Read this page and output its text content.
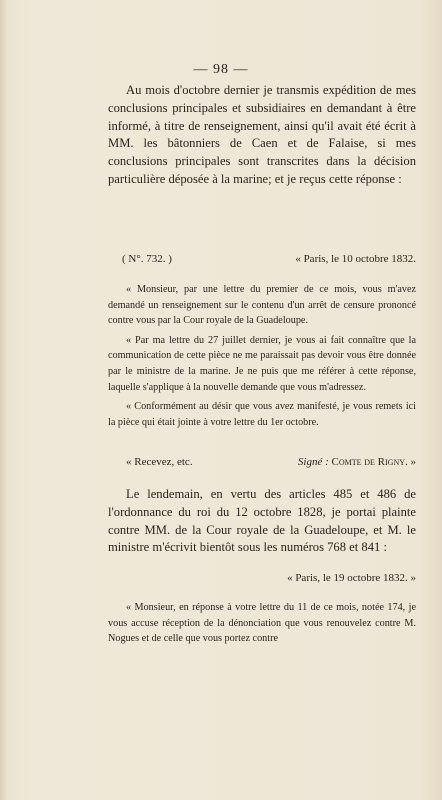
— 98 —

Au mois d'octobre dernier je transmis expédition de mes conclusions principales et subsidiaires en demandant à être informé, à titre de renseignement, ainsi qu'il avait été écrit à MM. les bâtonniers de Caen et de Falaise, si mes conclusions principales sont transcrites dans la décision particulière déposée à la marine; et je reçus cette réponse :

( N°. 732. )	« Paris, le 10 octobre 1832.

« Monsieur, par une lettre du premier de ce mois, vous m'avez demandé un renseignement sur le contenu d'un arrêt de censure prononcé contre vous par la Cour royale de la Guadeloupe.

« Par ma lettre du 27 juillet dernier, je vous ai fait connaître que la communication de cette pièce ne me paraissait pas devoir vous être donnée par le ministre de la marine. Je ne puis que me référer à cette réponse, laquelle s'applique à la nouvelle demande que vous m'adressez.

« Conformément au désir que vous avez manifesté, je vous remets ici la pièce qui était jointe à votre lettre du 1er octobre.

« Recevez, etc.	Signé : Comte de Rigny. »

Le lendemain, en vertu des articles 485 et 486 de l'ordonnance du roi du 12 octobre 1828, je portai plainte contre MM. de la Cour royale de la Guadeloupe, et M. le ministre m'écrivit bientôt sous les numéros 768 et 841 :

« Paris, le 19 octobre 1832. »

« Monsieur, en réponse à votre lettre du 11 de ce mois, notée 174, je vous accuse réception de la dénonciation que vous renouvelez contre M. Nogues et de celle que vous portez contre
